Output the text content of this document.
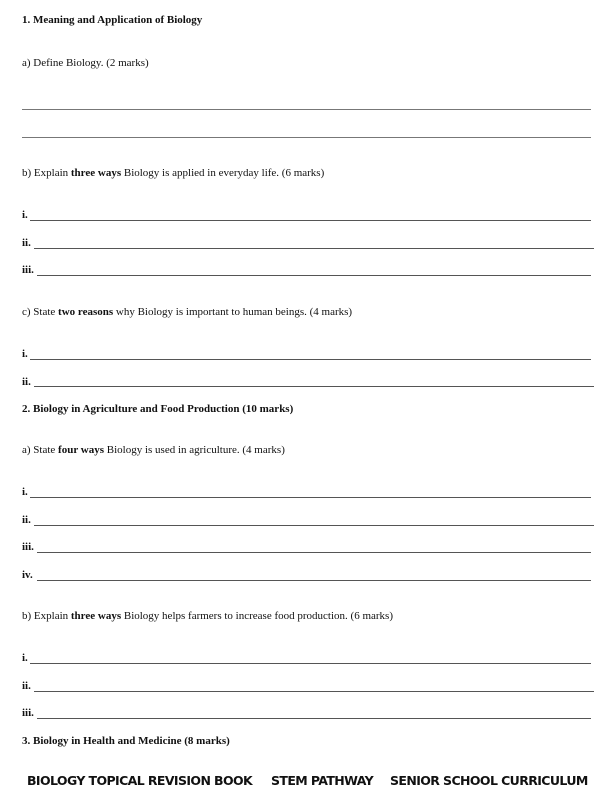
1. Meaning and Application of Biology
a) Define Biology. (2 marks)
b) Explain three ways Biology is applied in everyday life. (6 marks)
i.
ii.
iii.
c) State two reasons why Biology is important to human beings. (4 marks)
i.
ii.
2. Biology in Agriculture and Food Production (10 marks)
a) State four ways Biology is used in agriculture. (4 marks)
i.
ii.
iii.
iv.
b) Explain three ways Biology helps farmers to increase food production. (6 marks)
i.
ii.
iii.
3. Biology in Health and Medicine (8 marks)
BIOLOGY TOPICAL REVISION BOOK STEM PATHWAY SENIOR SCHOOL CURRICULUM
